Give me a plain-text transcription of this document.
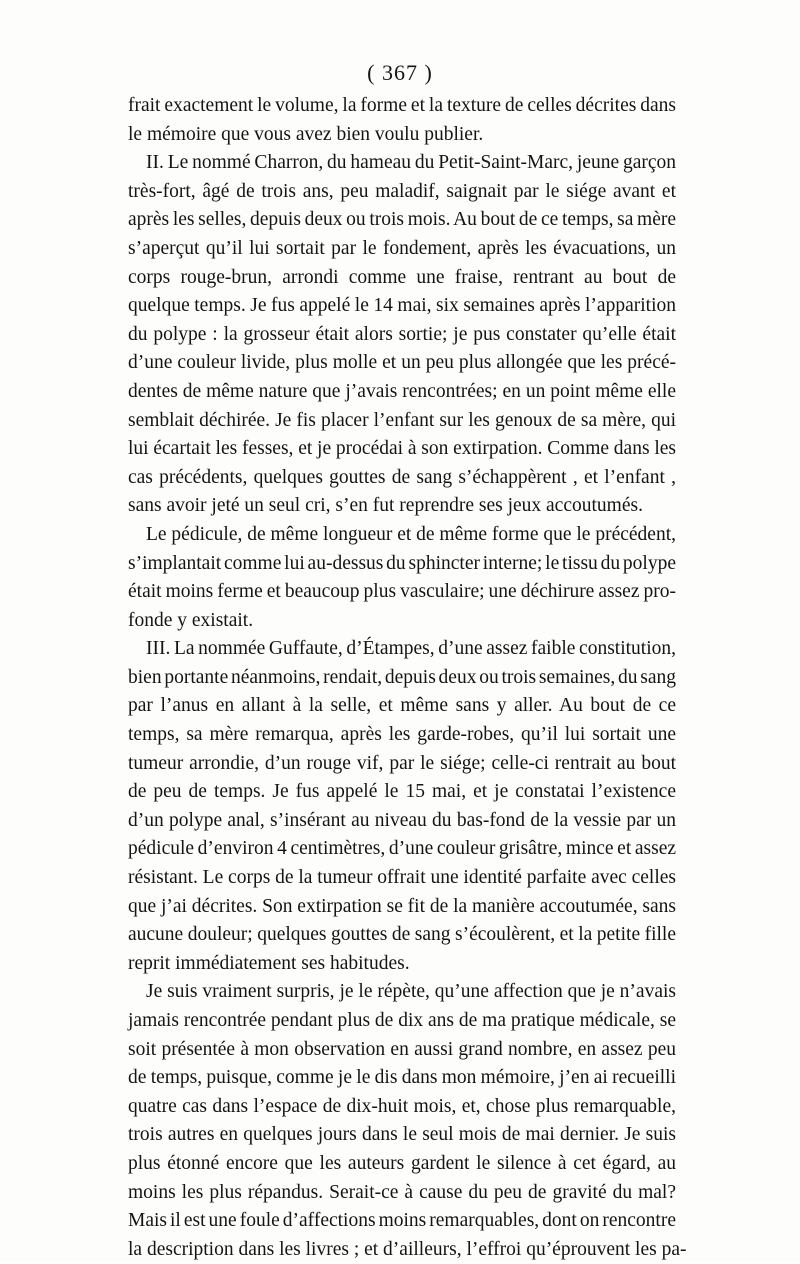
( 367 )
frait exactement le volume, la forme et la texture de celles décrites dans
le mémoire que vous avez bien voulu publier.
II. Le nommé Charron, du hameau du Petit-Saint-Marc, jeune garçon
très-fort, âgé de trois ans, peu maladif, saignait par le siége avant et
après les selles, depuis deux ou trois mois. Au bout de ce temps, sa mère
s’aperçut qu’il lui sortait par le fondement, après les évacuations, un
corps rouge-brun, arrondi comme une fraise, rentrant au bout de
quelque temps. Je fus appelé le 14 mai, six semaines après l’apparition
du polype : la grosseur était alors sortie; je pus constater qu’elle était
d’une couleur livide, plus molle et un peu plus allongée que les précé-
dentes de même nature que j’avais rencontrées; en un point même elle
semblait déchirée. Je fis placer l’enfant sur les genoux de sa mère, qui
lui écartait les fesses, et je procédai à son extirpation. Comme dans les
cas précédents, quelques gouttes de sang s’échappèrent , et l’enfant ,
sans avoir jeté un seul cri, s’en fut reprendre ses jeux accoutumés.
Le pédicule, de même longueur et de même forme que le précédent,
s’implantait comme lui au-dessus du sphincter interne; le tissu du polype
était moins ferme et beaucoup plus vasculaire; une déchirure assez pro-
fonde y existait.
III. La nommée Guffaute, d’Étampes, d’une assez faible constitution,
bien portante néanmoins, rendait, depuis deux ou trois semaines, du sang
par l’anus en allant à la selle, et même sans y aller. Au bout de ce
temps, sa mère remarqua, après les garde-robes, qu’il lui sortait une
tumeur arrondie, d’un rouge vif, par le siége; celle-ci rentrait au bout
de peu de temps. Je fus appelé le 15 mai, et je constatai l’existence
d’un polype anal, s’insérant au niveau du bas-fond de la vessie par un
pédicule d’environ 4 centimètres, d’une couleur grisâtre, mince et assez
résistant. Le corps de la tumeur offrait une identité parfaite avec celles
que j’ai décrites. Son extirpation se fit de la manière accoutumée, sans
aucune douleur; quelques gouttes de sang s’écoulèrent, et la petite fille
reprit immédiatement ses habitudes.
Je suis vraiment surpris, je le répète, qu’une affection que je n’avais
jamais rencontrée pendant plus de dix ans de ma pratique médicale, se
soit présentée à mon observation en aussi grand nombre, en assez peu
de temps, puisque, comme je le dis dans mon mémoire, j’en ai recueilli
quatre cas dans l’espace de dix-huit mois, et, chose plus remarquable,
trois autres en quelques jours dans le seul mois de mai dernier. Je suis
plus étonné encore que les auteurs gardent le silence à cet égard, au
moins les plus répandus. Serait-ce à cause du peu de gravité du mal?
Mais il est une foule d’affections moins remarquables, dont on rencontre
la description dans les livres ; et d’ailleurs, l’effroi qu’éprouvent les pa-
